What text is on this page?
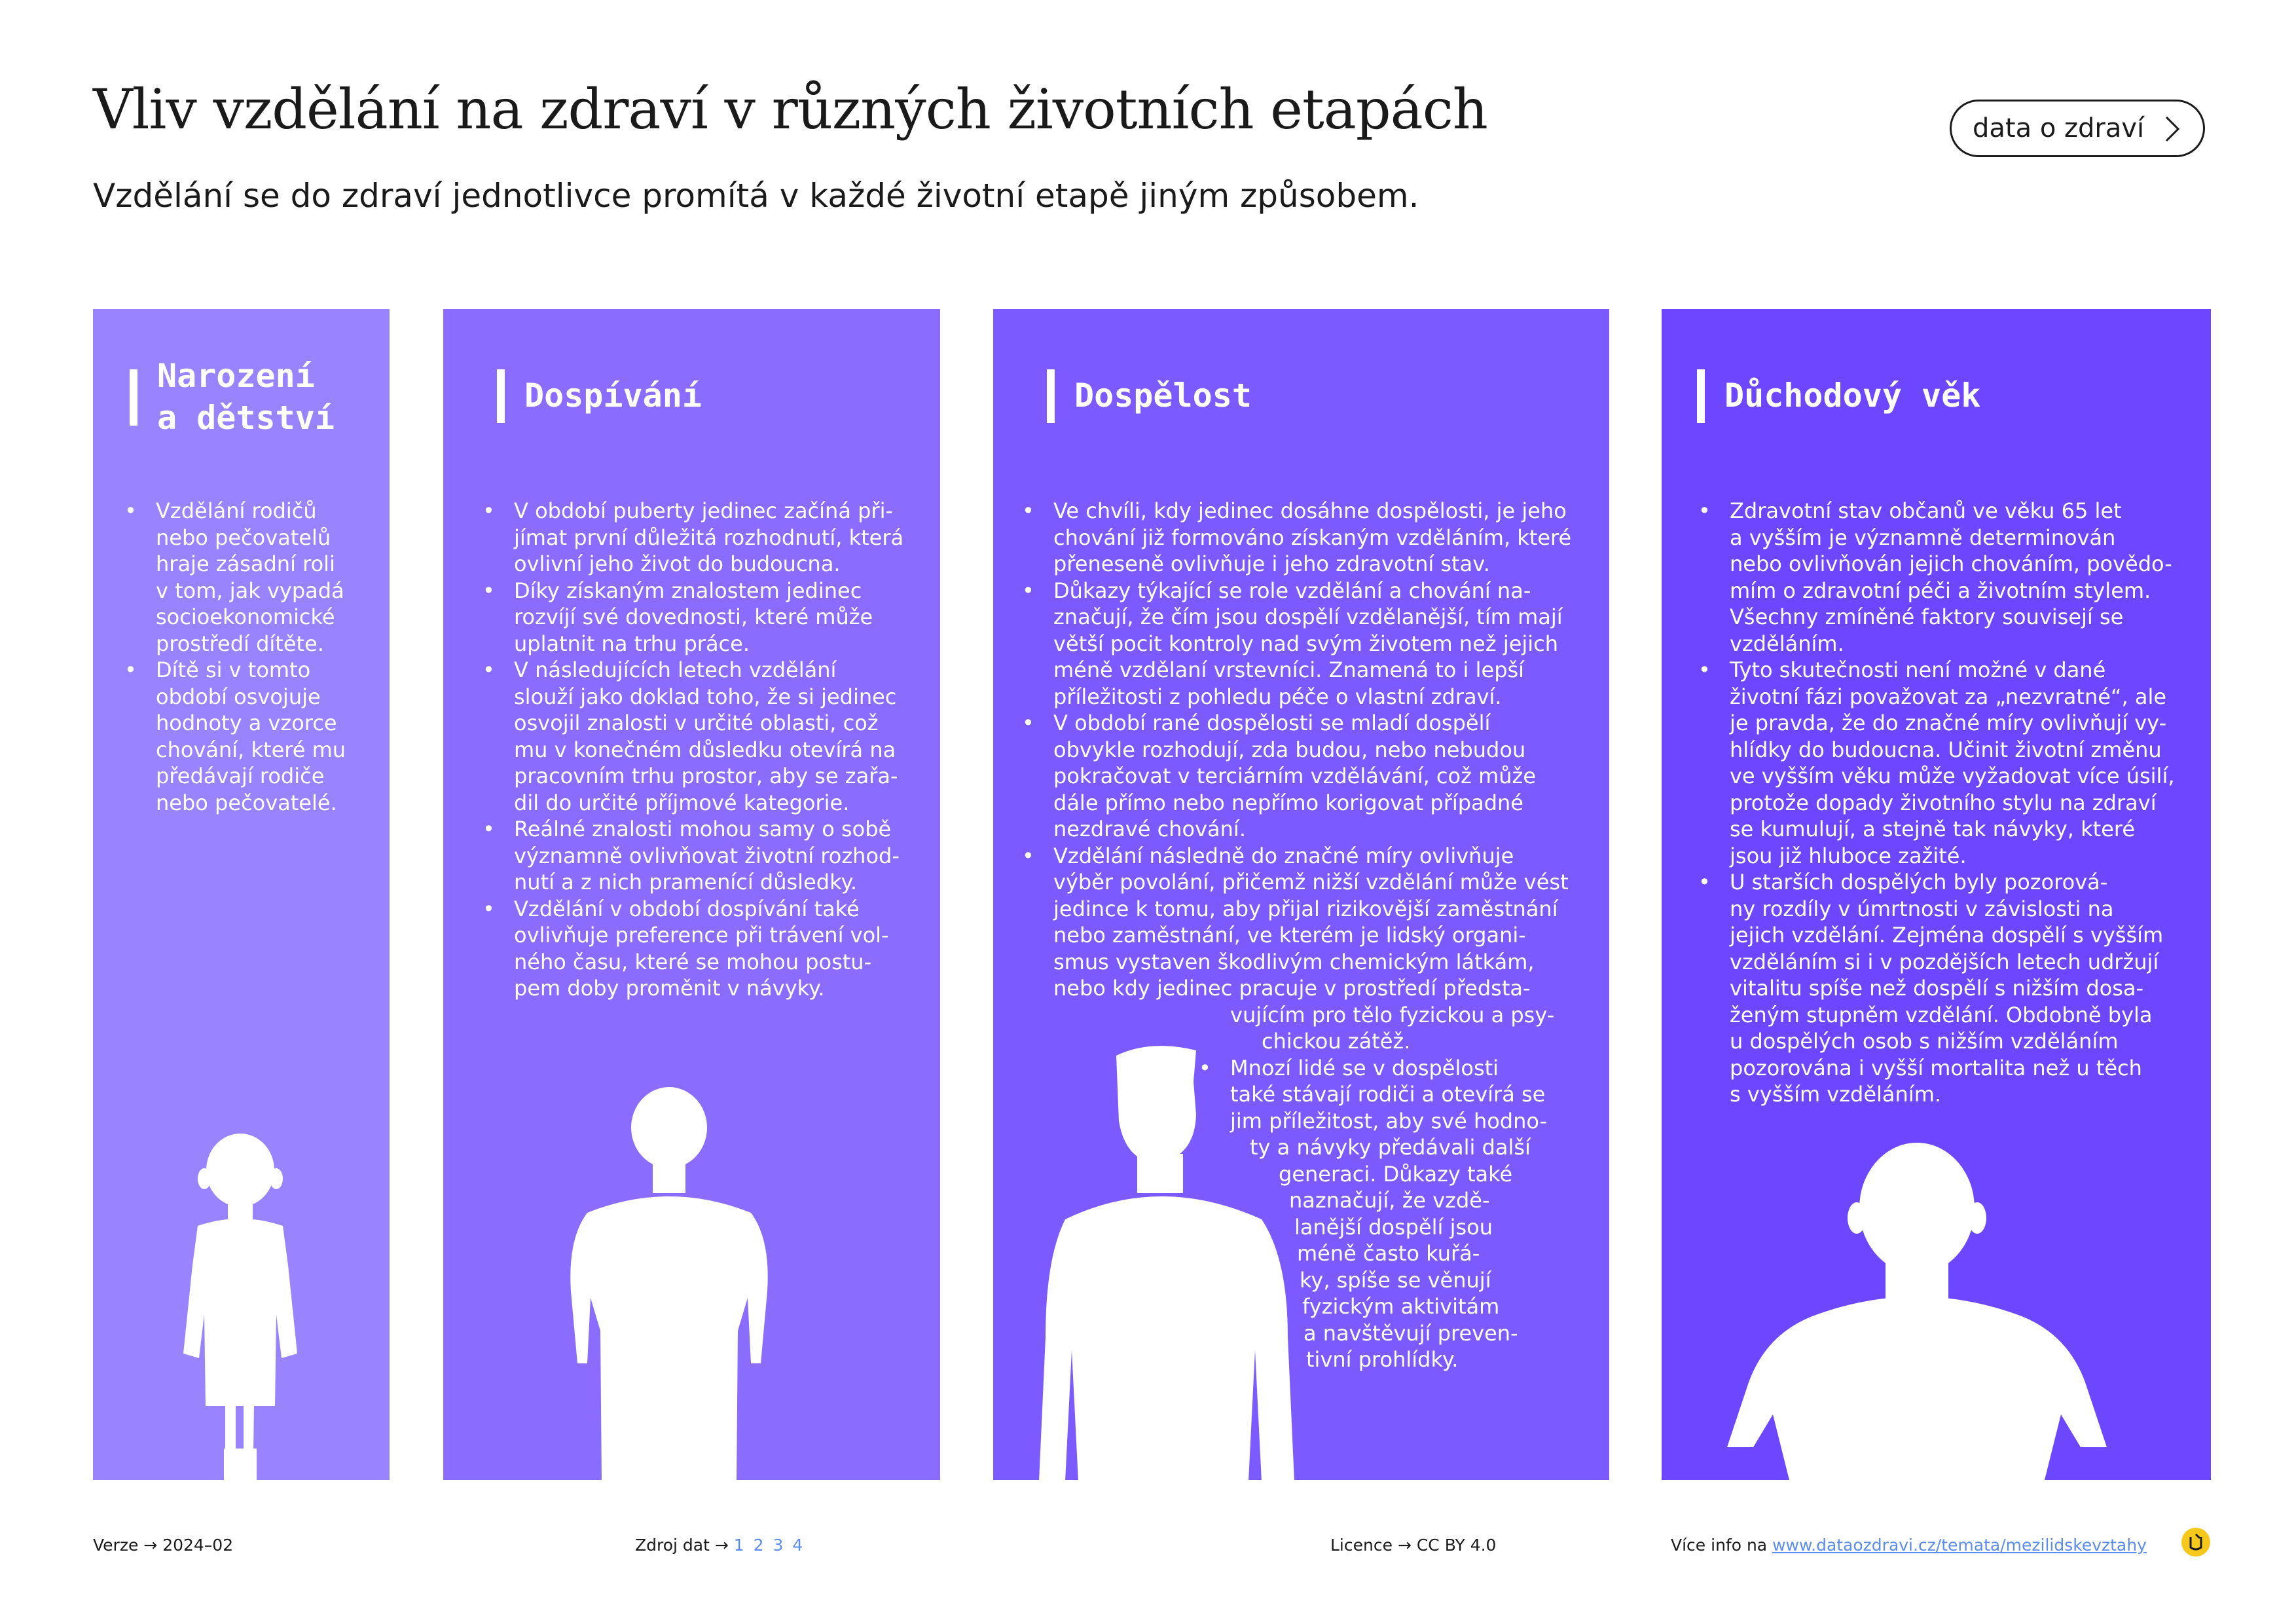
Vliv vzdělání na zdraví v různých životních etapách

Vzdělání se do zdraví jednotlivce promítá v každé životní etapě jiným způsobem.

data o zdraví
Narození
a dětství
• Vzdělání rodičů
nebo pečovatelů
hraje zásadní roli
v tom, jak vypadá
socioekonomické
prostředí dítěte.
• Dítě si v tomto
období osvojuje
hodnoty a vzorce
chování, které mu
předávají rodiče
nebo pečovatelé.
Dospívání
• V období puberty jedinec začíná při-
jímat první důležitá rozhodnutí, která
ovlivní jeho život do budoucna.
• Díky získaným znalostem jedinec
rozvíjí své dovednosti, které může
uplatnit na trhu práce.
• V následujících letech vzdělání
slouží jako doklad toho, že si jedinec
osvojil znalosti v určité oblasti, což
mu v konečném důsledku otevírá na
pracovním trhu prostor, aby se zařa-
dil do určité příjmové kategorie.
• Reálné znalosti mohou samy o sobě
významně ovlivňovat životní rozhod-
nutí a z nich pramenící důsledky.
• Vzdělání v období dospívání také
ovlivňuje preference při trávení vol-
ného času, které se mohou postu-
pem doby proměnit v návyky.
Dospělost
• Ve chvíli, kdy jedinec dosáhne dospělosti, je jeho
chování již formováno získaným vzděláním, které
přeneseně ovlivňuje i jeho zdravotní stav.
• Důkazy týkající se role vzdělání a chování na-
značují, že čím jsou dospělí vzdělanější, tím mají
větší pocit kontroly nad svým životem než jejich
méně vzdělaní vrstevníci. Znamená to i lepší
příležitosti z pohledu péče o vlastní zdraví.
• V období rané dospělosti se mladí dospělí
obvykle rozhodují, zda budou, nebo nebudou
pokračovat v terciárním vzdělávání, což může
dále přímo nebo nepřímo korigovat případné
nezdravé chování.
• Vzdělání následně do značné míry ovlivňuje
výběr povolání, přičemž nižší vzdělání může vést
jedince k tomu, aby přijal rizikovější zaměstnání
nebo zaměstnání, ve kterém je lidský organi-
smus vystaven škodlivým chemickým látkám,
nebo kdy jedinec pracuje v prostředí předsta-
vujícím pro tělo fyzickou a psy-
chickou zátěž.
• Mnozí lidé se v dospělosti
také stávají rodiči a otevírá se
jim příležitost, aby své hodno-
ty a návyky předávali další
generaci. Důkazy také
naznačují, že vzdě-
lanější dospělí jsou
méně často kuřá-
ky, spíše se věnují
fyzickým aktivitám
a navštěvují preven-
tivní prohlídky.
Důchodový věk
• Zdravotní stav občanů ve věku 65 let
a vyšším je významně determinován
nebo ovlivňován jejich chováním, povědo-
mím o zdravotní péči a životním stylem.
Všechny zmíněné faktory souvisejí se
vzděláním.
• Tyto skutečnosti není možné v dané
životní fázi považovat za „nezvratné“, ale
je pravda, že do značné míry ovlivňují vy-
hlídky do budoucna. Učinit životní změnu
ve vyšším věku může vyžadovat více úsilí,
protože dopady životního stylu na zdraví
se kumulují, a stejně tak návyky, které
jsou již hluboce zažité.
• U starších dospělých byly pozorová-
ny rozdíly v úmrtnosti v závislosti na
jejich vzdělání. Zejména dospělí s vyšším
vzděláním si i v pozdějších letech udržují
vitalitu spíše než dospělí s nižším dosa-
ženým stupněm vzdělání. Obdobně byla
u dospělých osob s nižším vzděláním
pozorována i vyšší mortalita než u těch
s vyšším vzděláním.
Verze → 2024–02	Zdroj dat → 1 2 3 4	Licence → CC BY 4.0	Více info na www.dataozdravi.cz/temata/mezilidskevztahy
